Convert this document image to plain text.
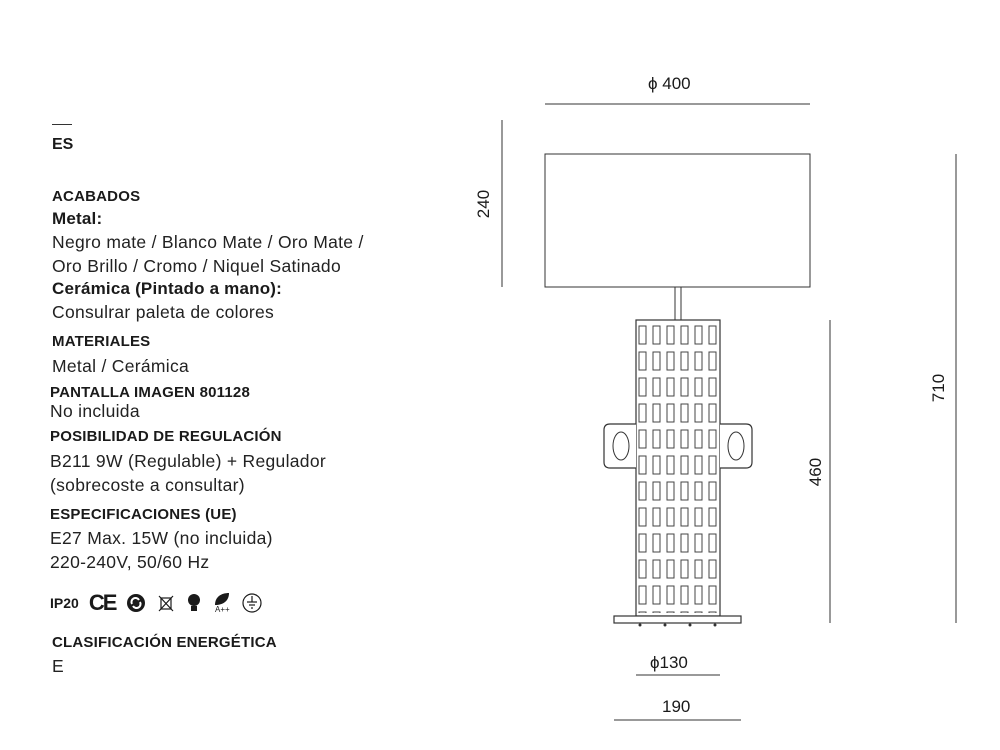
ES
ACABADOS
Metal:
Negro mate / Blanco Mate / Oro Mate /
Oro Brillo / Cromo / Niquel Satinado
Cerámica (Pintado a mano):
Consulrar paleta de colores
MATERIALES
Metal / Cerámica
PANTALLA IMAGEN 801128
No incluida
POSIBILIDAD DE REGULACIÓN
B211 9W (Regulable) + Regulador
(sobrecoste a consultar)
ESPECIFICACIONES (UE)
E27 Max. 15W (no incluida)
220-240V, 50/60 Hz
IP20 CE	A++
CLASIFICACIÓN ENERGÉTICA
E
ϕ 400
240
710
460
ϕ130
190
